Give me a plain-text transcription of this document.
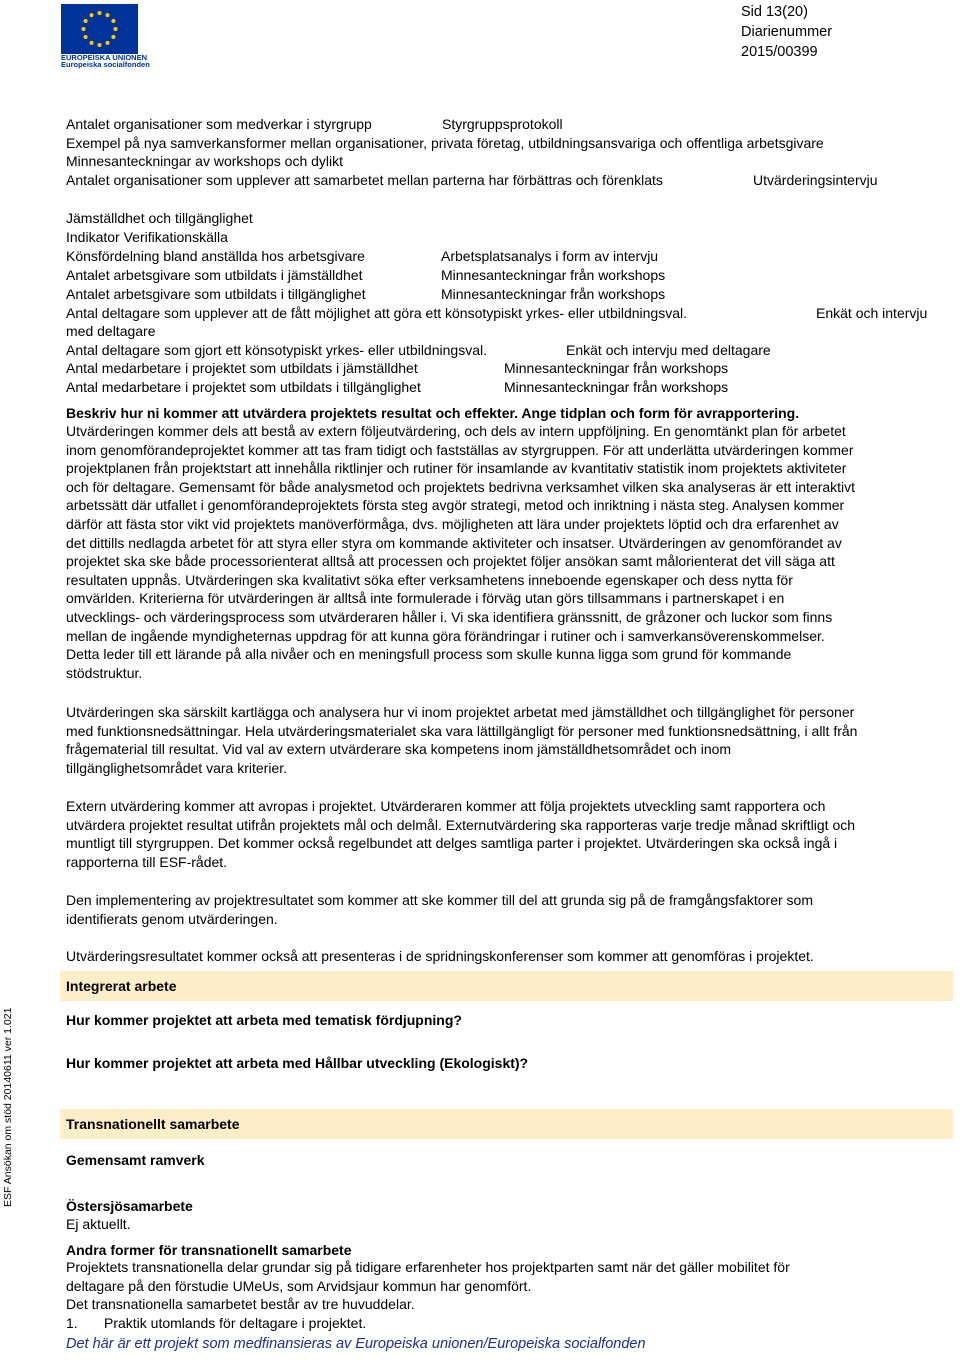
EUROPEISKA UNIONEN
Europeiska socialfonden
Sid 13(20)
Diarienummer
2015/00399
ESF Ansökan om stöd 20140611 ver 1.021
Antalet organisationer som medverkar i styrgrupp	Styrgruppsprotokoll
Exempel på nya samverkansformer mellan organisationer, privata företag, utbildningsansvariga och offentliga arbetsgivare
Minnesanteckningar av workshops och dylikt
Antalet organisationer som upplever att samarbetet mellan parterna har förbättras och förenklats	Utvärderingsintervju
Jämställdhet och tillgänglighet
Indikator Verifikationskälla
Könsfördelning bland anställda hos arbetsgivare	Arbetsplatsanalys i form av intervju
Antalet arbetsgivare som utbildats i jämställdhet	Minnesanteckningar från workshops
Antalet arbetsgivare som utbildats i tillgänglighet	Minnesanteckningar från workshops
Antal deltagare som upplever att de fått möjlighet att göra ett könsotypiskt yrkes- eller utbildningsval.	Enkät och intervju
med deltagare
Antal deltagare som gjort ett könsotypiskt yrkes- eller utbildningsval.	Enkät och intervju med deltagare
Antal medarbetare i projektet som utbildats i jämställdhet	Minnesanteckningar från workshops
Antal medarbetare i projektet som utbildats i tillgänglighet	Minnesanteckningar från workshops
Beskriv hur ni kommer att utvärdera projektets resultat och effekter. Ange tidplan och form för avrapportering.
Utvärderingen kommer dels att bestå av extern följeutvärdering, och dels av intern uppföljning. En genomtänkt plan för arbetet
inom genomförandeprojektet kommer att tas fram tidigt och fastställas av styrgruppen. För att underlätta utvärderingen kommer
projektplanen från projektstart att innehålla riktlinjer och rutiner för insamlande av kvantitativ statistik inom projektets aktiviteter
och för deltagare. Gemensamt för både analysmetod och projektets bedrivna verksamhet vilken ska analyseras är ett interaktivt
arbetssätt där utfallet i genomförandeprojektets första steg avgör strategi, metod och inriktning i nästa steg. Analysen kommer
därför att fästa stor vikt vid projektets manöverförmåga, dvs. möjligheten att lära under projektets löptid och dra erfarenhet av
det dittills nedlagda arbetet för att styra eller styra om kommande aktiviteter och insatser. Utvärderingen av genomförandet av
projektet ska ske både processorienterat alltså att processen och projektet följer ansökan samt målorienterat det vill säga att
resultaten uppnås. Utvärderingen ska kvalitativt söka efter verksamhetens inneboende egenskaper och dess nytta för
omvärlden. Kriterierna för utvärderingen är alltså inte formulerade i förväg utan görs tillsammans i partnerskapet i en
utvecklings- och värderingsprocess som utvärderaren håller i. Vi ska identifiera gränssnitt, de gråzoner och luckor som finns
mellan de ingående myndigheternas uppdrag för att kunna göra förändringar i rutiner och i samverkansöverenskommelser.
Detta leder till ett lärande på alla nivåer och en meningsfull process som skulle kunna ligga som grund för kommande
stödstruktur.
Utvärderingen ska särskilt kartlägga och analysera hur vi inom projektet arbetat med jämställdhet och tillgänglighet för personer
med funktionsnedsättningar. Hela utvärderingsmaterialet ska vara lättillgängligt för personer med funktionsnedsättning, i allt från
frågematerial till resultat. Vid val av extern utvärderare ska kompetens inom jämställdhetsområdet och inom
tillgänglighetsområdet vara kriterier.
Extern utvärdering kommer att avropas i projektet. Utvärderaren kommer att följa projektets utveckling samt rapportera och
utvärdera projektet resultat utifrån projektets mål och delmål. Externutvärdering ska rapporteras varje tredje månad skriftligt och
muntligt till styrgruppen. Det kommer också regelbundet att delges samtliga parter i projektet. Utvärderingen ska också ingå i
rapporterna till ESF-rådet.
Den implementering av projektresultatet som kommer att ske kommer till del att grunda sig på de framgångsfaktorer som
identifierats genom utvärderingen.
Utvärderingsresultatet kommer också att presenteras i de spridningskonferenser som kommer att genomföras i projektet.
Integrerat arbete
Hur kommer projektet att arbeta med tematisk fördjupning?
Hur kommer projektet att arbeta med Hållbar utveckling (Ekologiskt)?
Transnationellt samarbete
Gemensamt ramverk
Östersjösamarbete
Ej aktuellt.
Andra former för transnationellt samarbete
Projektets transnationella delar grundar sig på tidigare erfarenheter hos projektparten samt när det gäller mobilitet för
deltagare på den förstudie UMeUs, som Arvidsjaur kommun har genomfört.
Det transnationella samarbetet består av tre huvuddelar.
1. Praktik utomlands för deltagare i projektet.
Det här är ett projekt som medfinansieras av Europeiska unionen/Europeiska socialfonden
